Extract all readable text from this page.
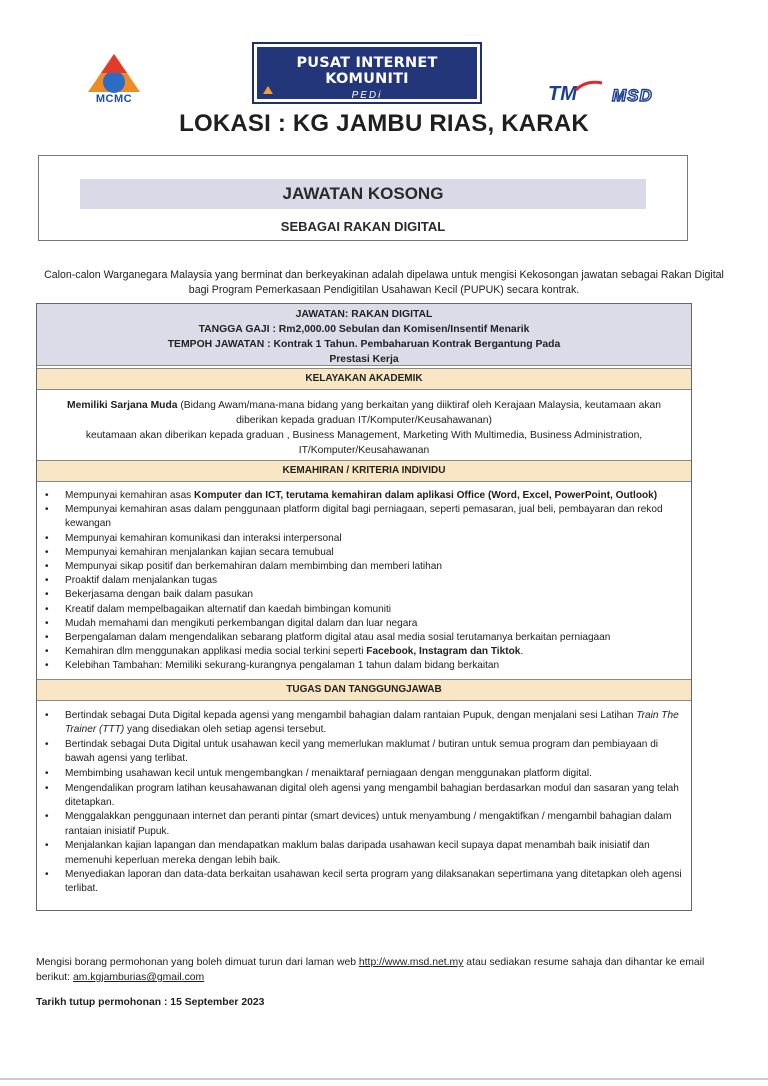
MCMC
PUSAT INTERNET KOMUNITI
PEDi	TM MSD
LOKASI : KG JAMBU RIAS, KARAK
JAWATAN KOSONG
SEBAGAI RAKAN DIGITAL
Calon-calon Warganegara Malaysia yang berminat dan berkeyakinan adalah dipelawa untuk mengisi Kekosongan jawatan sebagai Rakan Digital bagi Program Pemerkasaan Pendigitilan Usahawan Kecil (PUPUK) secara kontrak.
JAWATAN: RAKAN DIGITAL
TANGGA GAJI : Rm2,000.00 Sebulan dan Komisen/Insentif Menarik
TEMPOH JAWATAN : Kontrak 1 Tahun. Pembaharuan Kontrak Bergantung Pada
Prestasi Kerja
KELAYAKAN AKADEMIK
Memiliki Sarjana Muda (Bidang Awam/mana-mana bidang yang berkaitan yang diiktiraf oleh Kerajaan Malaysia, keutamaan akan
diberikan kepada graduan IT/Komputer/Keusahawanan)
keutamaan akan diberikan kepada graduan , Business Management, Marketing With Multimedia, Business Administration,
IT/Komputer/Keusahawanan
KEMAHIRAN / KRITERIA INDIVIDU
• Mempunyai kemahiran asas Komputer dan ICT, terutama kemahiran dalam aplikasi Office (Word, Excel, PowerPoint, Outlook)
• Mempunyai kemahiran asas dalam penggunaan platform digital bagi perniagaan, seperti pemasaran, jual beli, pembayaran dan rekod kewangan
• Mempunyai kemahiran komunikasi dan interaksi interpersonal
• Mempunyai kemahiran menjalankan kajian secara temubual
• Mempunyai sikap positif dan berkemahiran dalam membimbing dan memberi latihan
• Proaktif dalam menjalankan tugas
• Bekerjasama dengan baik dalam pasukan
• Kreatif dalam mempelbagaikan alternatif dan kaedah bimbingan komuniti
• Mudah memahami dan mengikuti perkembangan digital dalam dan luar negara
• Berpengalaman dalam mengendalikan sebarang platform digital atau asal media sosial terutamanya berkaitan perniagaan
• Kemahiran dlm menggunakan applikasi media social terkini seperti Facebook, Instagram dan Tiktok.
• Kelebihan Tambahan: Memiliki sekurang-kurangnya pengalaman 1 tahun dalam bidang berkaitan
TUGAS DAN TANGGUNGJAWAB
• Bertindak sebagai Duta Digital kepada agensi yang mengambil bahagian dalam rantaian Pupuk, dengan menjalani sesi Latihan Train The Trainer (TTT) yang disediakan oleh setiap agensi tersebut.
• Bertindak sebagai Duta Digital untuk usahawan kecil yang memerlukan maklumat / butiran untuk semua program dan pembiayaan di bawah agensi yang terlibat.
• Membimbing usahawan kecil untuk mengembangkan / menaiktaraf perniagaan dengan menggunakan platform digital.
• Mengendalikan program latihan keusahawanan digital oleh agensi yang mengambil bahagian berdasarkan modul dan sasaran yang telah ditetapkan.
• Menggalakkan penggunaan internet dan peranti pintar (smart devices) untuk menyambung / mengaktifkan / mengambil bahagian dalam rantaian inisiatif Pupuk.
• Menjalankan kajian lapangan dan mendapatkan maklum balas daripada usahawan kecil supaya dapat menambah baik inisiatif dan memenuhi keperluan mereka dengan lebih baik.
• Menyediakan laporan dan data-data berkaitan usahawan kecil serta program yang dilaksanakan sepertimana yang ditetapkan oleh agensi terlibat.
Mengisi borang permohonan yang boleh dimuat turun dari laman web http://www.msd.net.my atau sediakan resume sahaja dan dihantar ke email berikut: am.kgjamburias@gmail.com
Tarikh tutup permohonan : 15 September 2023
